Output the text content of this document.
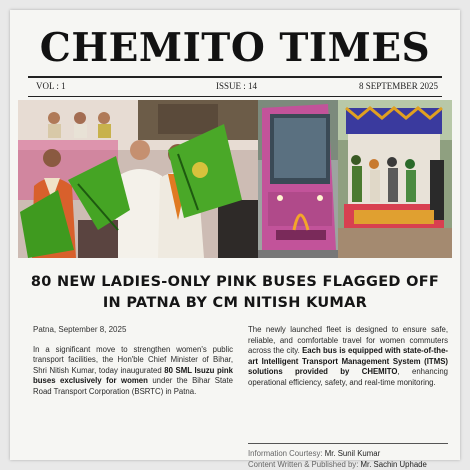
CHEMITO TIMES
VOL : 1	ISSUE : 14	8 SEPTEMBER 2025
80 NEW LADIES-ONLY PINK BUSES FLAGGED OFF
IN PATNA BY CM NITISH KUMAR
Patna, September 8, 2025

In a significant move to strengthen women's public transport facilities, the Hon'ble Chief Minister of Bihar, Shri Nitish Kumar, today inaugurated 80 SML Isuzu pink buses exclusively for women under the Bihar State Road Transport Corporation (BSRTC) in Patna.

The newly launched fleet is designed to ensure safe, reliable, and comfortable travel for women commuters across the city. Each bus is equipped with state-of-the-art Intelligent Transport Management System (ITMS) solutions provided by CHEMITO, enhancing operational efficiency, safety, and real-time monitoring.

Information Courtesy: Mr. Sunil Kumar
Content Written & Published by: Mr. Sachin Uphade
